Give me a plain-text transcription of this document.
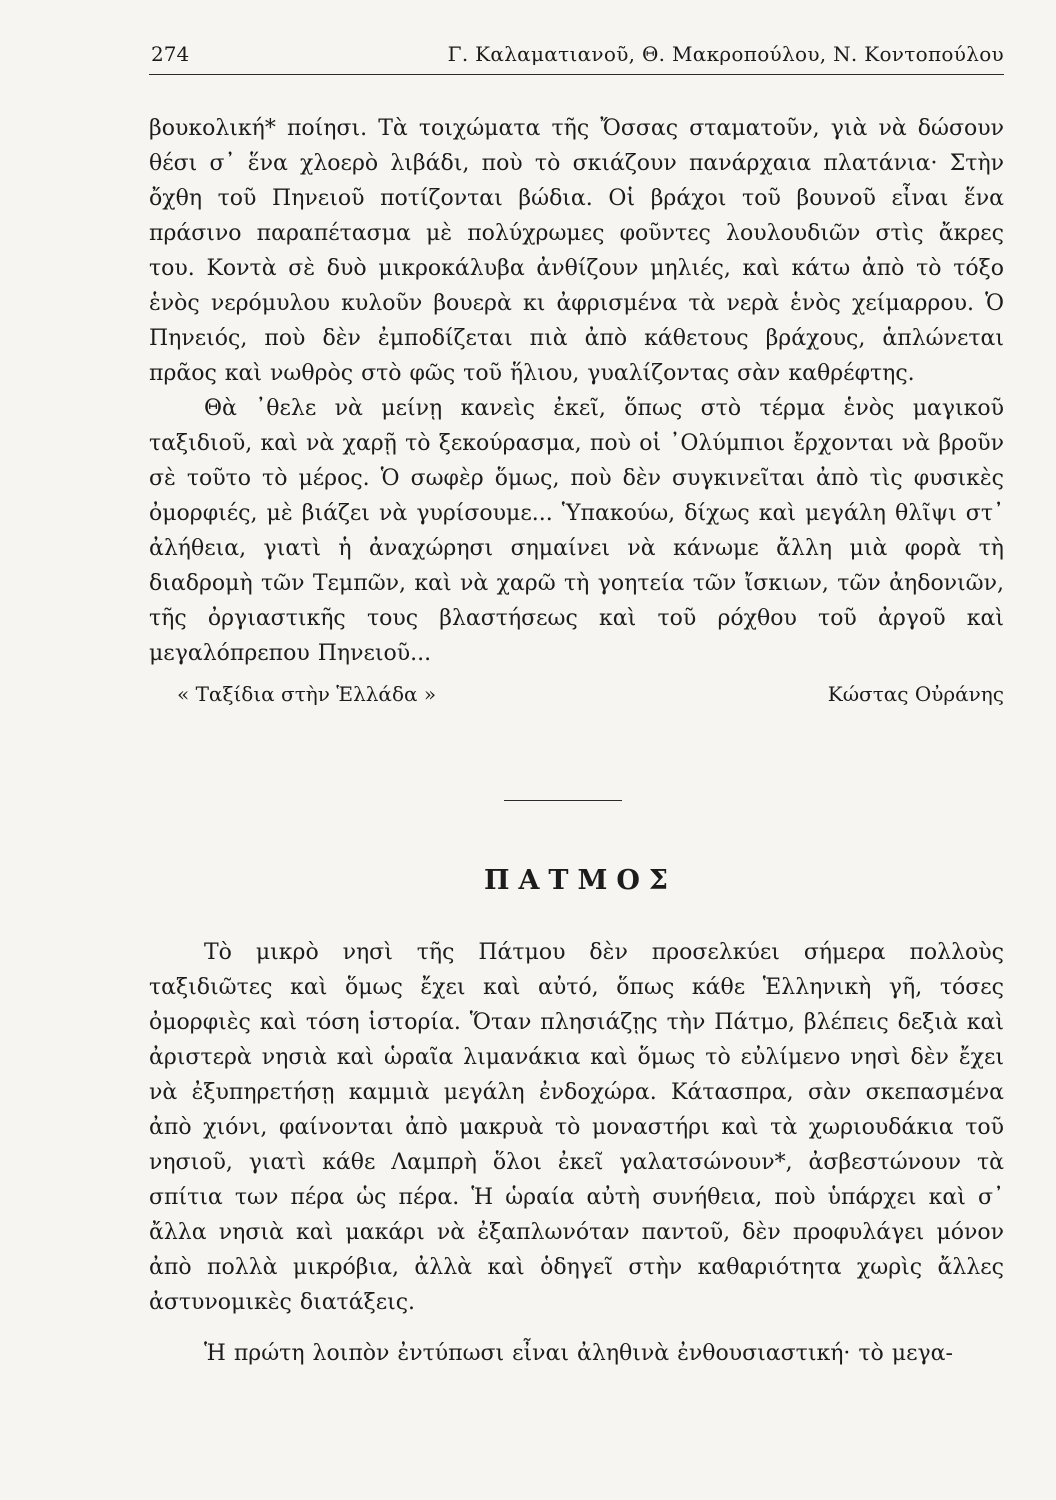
274	Γ. Καλαματιανοῦ, Θ. Μακροπούλου, Ν. Κοντοπούλου

βουκολική* ποίησι. Τὰ τοιχώματα τῆς Ὄσσας σταματοῦν, γιὰ νὰ δώσουν θέσι σ᾽ ἕνα χλοερὸ λιβάδι, ποὺ τὸ σκιάζουν πανάρχαια πλατάνια· Στὴν ὄχθη τοῦ Πηνειοῦ ποτίζονται βώδια. Οἱ βράχοι τοῦ βουνοῦ εἶναι ἕνα πράσινο παραπέτασμα μὲ πολύχρωμες φοῦντες λουλουδιῶν στὶς ἄκρες του. Κοντὰ σὲ δυὸ μικροκάλυβα ἀνθίζουν μηλιές, καὶ κάτω ἀπὸ τὸ τόξο ἑνὸς νερόμυλου κυλοῦν βουερὰ κι ἀφρισμένα τὰ νερὰ ἑνὸς χείμαρρου. Ὁ Πηνειός, ποὺ δὲν ἐμποδίζεται πιὰ ἀπὸ κάθετους βράχους, ἁπλώνεται πρᾶος καὶ νωθρὸς στὸ φῶς τοῦ ἥλιου, γυαλίζοντας σὰν καθρέφτης.

Θὰ ᾽θελε νὰ μείνῃ κανεὶς ἐκεῖ, ὅπως στὸ τέρμα ἑνὸς μαγικοῦ ταξιδιοῦ, καὶ νὰ χαρῇ τὸ ξεκούρασμα, ποὺ οἱ ᾽Ολύμπιοι ἔρχονται νὰ βροῦν σὲ τοῦτο τὸ μέρος. Ὁ σωφὲρ ὅμως, ποὺ δὲν συγκινεῖται ἀπὸ τὶς φυσικὲς ὀμορφιές, μὲ βιάζει νὰ γυρίσουμε... Ὑπακούω, δίχως καὶ μεγάλη θλῖψι στ᾽ ἀλήθεια, γιατὶ ἡ ἀναχώρησι σημαίνει νὰ κάνωμε ἄλλη μιὰ φορὰ τὴ διαδρομὴ τῶν Τεμπῶν, καὶ νὰ χαρῶ τὴ γοητεία τῶν ἴσκιων, τῶν ἀηδονιῶν, τῆς ὀργιαστικῆς τους βλαστήσεως καὶ τοῦ ρόχθου τοῦ ἀργοῦ καὶ μεγαλόπρεπου Πηνειοῦ...

« Ταξίδια στὴν Ἑλλάδα »	Κώστας Οὐράνης
ΠΑΤΜΟΣ

Τὸ μικρὸ νησὶ τῆς Πάτμου δὲν προσελκύει σήμερα πολλοὺς ταξιδιῶτες καὶ ὅμως ἔχει καὶ αὐτό, ὅπως κάθε Ἑλληνικὴ γῆ, τόσες ὀμορφιὲς καὶ τόση ἱστορία. Ὅταν πλησιάζῃς τὴν Πάτμο, βλέπεις δεξιὰ καὶ ἀριστερὰ νησιὰ καὶ ὡραῖα λιμανάκια καὶ ὅμως τὸ εὐλίμενο νησὶ δὲν ἔχει νὰ ἐξυπηρετήσῃ καμμιὰ μεγάλη ἐνδοχώρα. Κάτασπρα, σὰν σκεπασμένα ἀπὸ χιόνι, φαίνονται ἀπὸ μακρυὰ τὸ μοναστήρι καὶ τὰ χωριουδάκια τοῦ νησιοῦ, γιατὶ κάθε Λαμπρὴ ὅλοι ἐκεῖ γαλατσώνουν*, ἀσβεστώνουν τὰ σπίτια των πέρα ὡς πέρα. Ἡ ὡραία αὐτὴ συνήθεια, ποὺ ὑπάρχει καὶ σ᾽ ἄλλα νησιὰ καὶ μακάρι νὰ ἐξαπλωνόταν παντοῦ, δὲν προφυλάγει μόνον ἀπὸ πολλὰ μικρόβια, ἀλλὰ καὶ ὁδηγεῖ στὴν καθαριότητα χωρὶς ἄλλες ἀστυνομικὲς διατάξεις.

Ἡ πρώτη λοιπὸν ἐντύπωσι εἶναι ἀληθινὰ ἐνθουσιαστική· τὸ μεγα-
